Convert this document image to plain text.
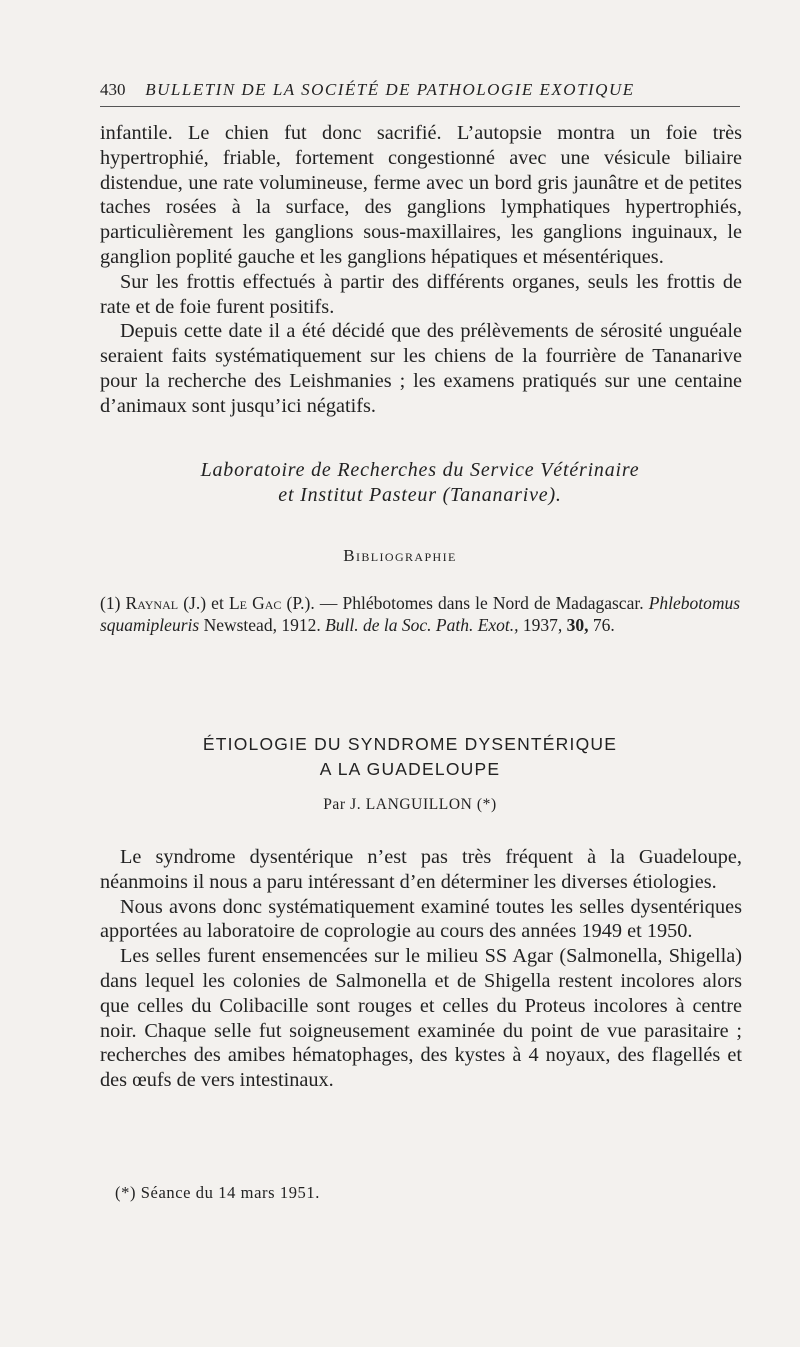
430 BULLETIN DE LA SOCIÉTÉ DE PATHOLOGIE EXOTIQUE

infantile. Le chien fut donc sacrifié. L’autopsie montra un foie très hypertrophié, friable, fortement congestionné avec une vésicule biliaire distendue, une rate volumineuse, ferme avec un bord gris jaunâtre et de petites taches rosées à la surface, des ganglions lymphatiques hypertrophiés, particulièrement les ganglions sous-maxillaires, les ganglions inguinaux, le ganglion poplité gauche et les ganglions hépatiques et mésentériques.

Sur les frottis effectués à partir des différents organes, seuls les frottis de rate et de foie furent positifs.

Depuis cette date il a été décidé que des prélèvements de sérosité unguéale seraient faits systématiquement sur les chiens de la fourrière de Tananarive pour la recherche des Leishmanies ; les examens pratiqués sur une centaine d’animaux sont jusqu’ici négatifs.

Laboratoire de Recherches du Service Vétérinaire
et Institut Pasteur (Tananarive).
Bibliographie
(1) Raynal (J.) et Le Gac (P.). — Phlébotomes dans le Nord de Madagascar. Phlebotomus squamipleuris Newstead, 1912. Bull. de la Soc. Path. Exot., 1937, 30, 76.
ÉTIOLOGIE DU SYNDROME DYSENTÉRIQUE
A LA GUADELOUPE
Par J. LANGUILLON (*)

Le syndrome dysentérique n’est pas très fréquent à la Guadeloupe, néanmoins il nous a paru intéressant d’en déterminer les diverses étiologies.

Nous avons donc systématiquement examiné toutes les selles dysentériques apportées au laboratoire de coprologie au cours des années 1949 et 1950.

Les selles furent ensemencées sur le milieu SS Agar (Salmonella, Shigella) dans lequel les colonies de Salmonella et de Shigella restent incolores alors que celles du Colibacille sont rouges et celles du Proteus incolores à centre noir. Chaque selle fut soigneusement examinée du point de vue parasitaire ; recherches des amibes hématophages, des kystes à 4 noyaux, des flagellés et des œufs de vers intestinaux.

(*) Séance du 14 mars 1951.
